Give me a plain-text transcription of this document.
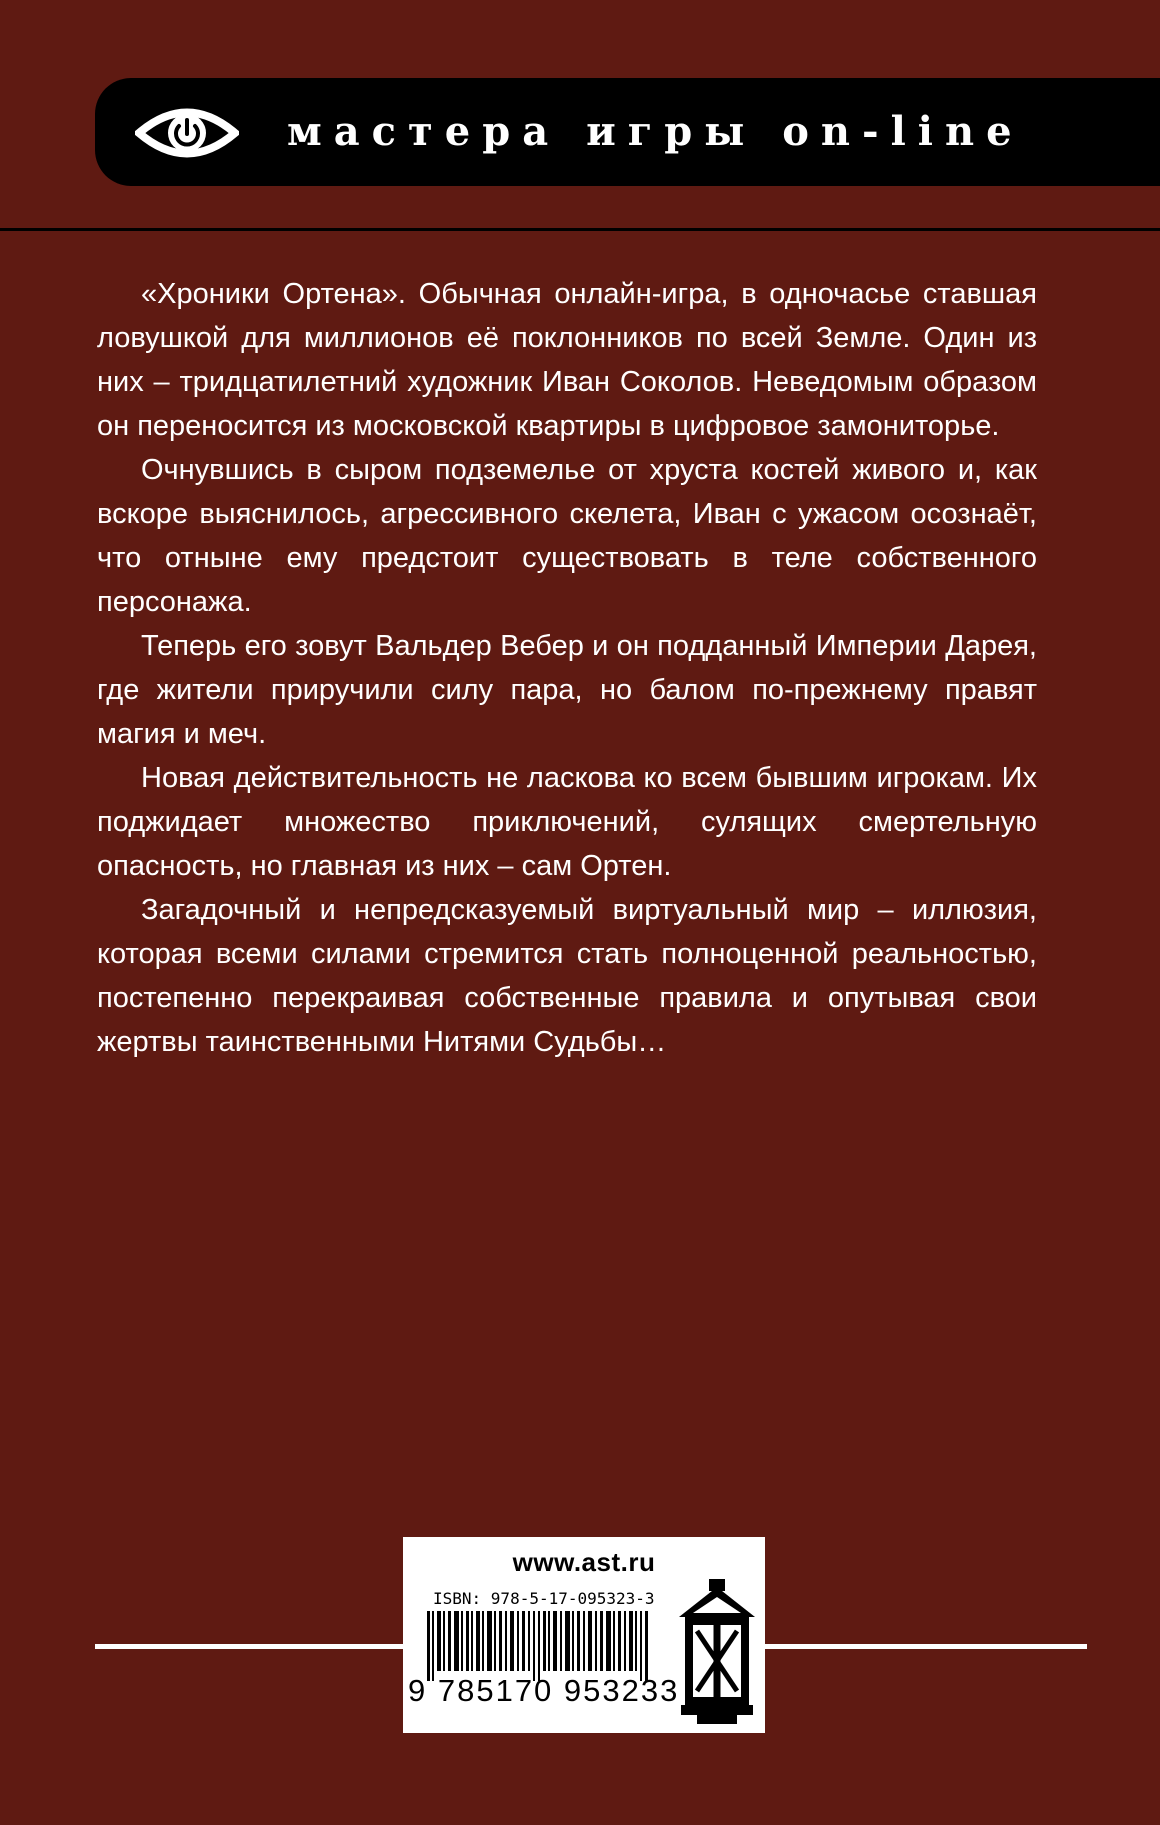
мастера игры on-line

«Хроники Ортена». Обычная онлайн-игра, в одночасье ставшая ловушкой для миллионов её поклонников по всей Земле. Один из них – тридцатилетний художник Иван Соколов. Неведомым образом он переносится из московской квартиры в цифровое замониторье.

Очнувшись в сыром подземелье от хруста костей живого и, как вскоре выяснилось, агрессивного скелета, Иван с ужасом осознаёт, что отныне ему предстоит существовать в теле собственного персонажа.

Теперь его зовут Вальдер Вебер и он подданный Империи Дарея, где жители приручили силу пара, но балом по-прежнему правят магия и меч.

Новая действительность не ласкова ко всем бывшим игрокам. Их поджидает множество приключений, сулящих смертельную опасность, но главная из них – сам Ортен.

Загадочный и непредсказуемый виртуальный мир – иллюзия, которая всеми силами стремится стать полноценной реальностью, постепенно перекраивая собственные правила и опутывая свои жертвы таинственными Нитями Судьбы…

www.ast.ru
ISBN: 978-5-17-095323-3
9 785170 953233
